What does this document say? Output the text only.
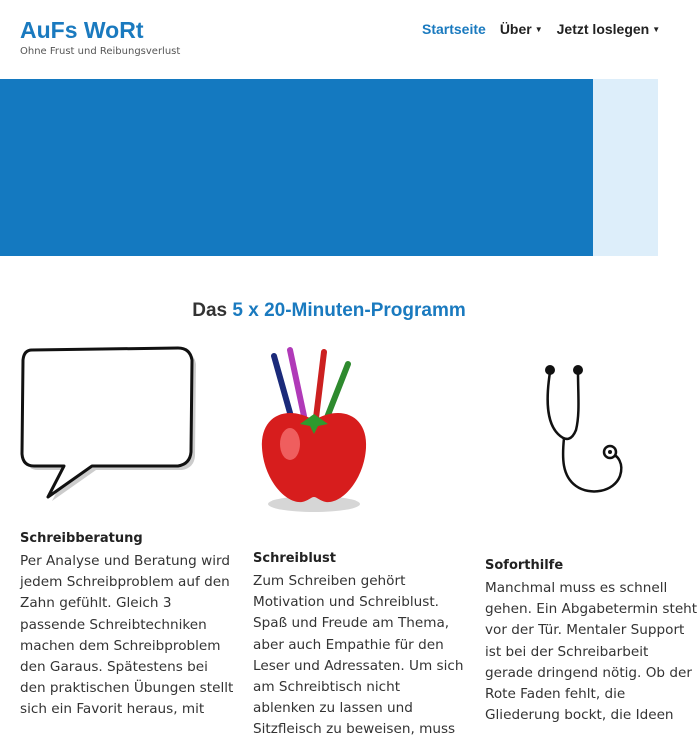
AuFs WoRt
Ohne Frust und Reibungsverlust
Startseite Über ▼ Jetzt loslegen ▼
Das 5 x 20-Minuten-Programm
Schreibberatung
Per Analyse und Beratung wird
jedem Schreibproblem auf den
Zahn gefühlt. Gleich 3
passende Schreibtechniken
machen dem Schreibproblem
den Garaus. Spätestens bei
den praktischen Übungen stellt
sich ein Favorit heraus, mit
Schreiblust
Zum Schreiben gehört
Motivation und Schreiblust.
Spaß und Freude am Thema,
aber auch Empathie für den
Leser und Adressaten. Um sich
am Schreibtisch nicht
ablenken zu lassen und
Sitzfleisch zu beweisen, muss
Soforthilfe
Manchmal muss es schnell
gehen. Ein Abgabetermin steht
vor der Tür. Mentaler Support
ist bei der Schreibarbeit
gerade dringend nötig. Ob der
Rote Faden fehlt, die
Gliederung bockt, die Ideen
